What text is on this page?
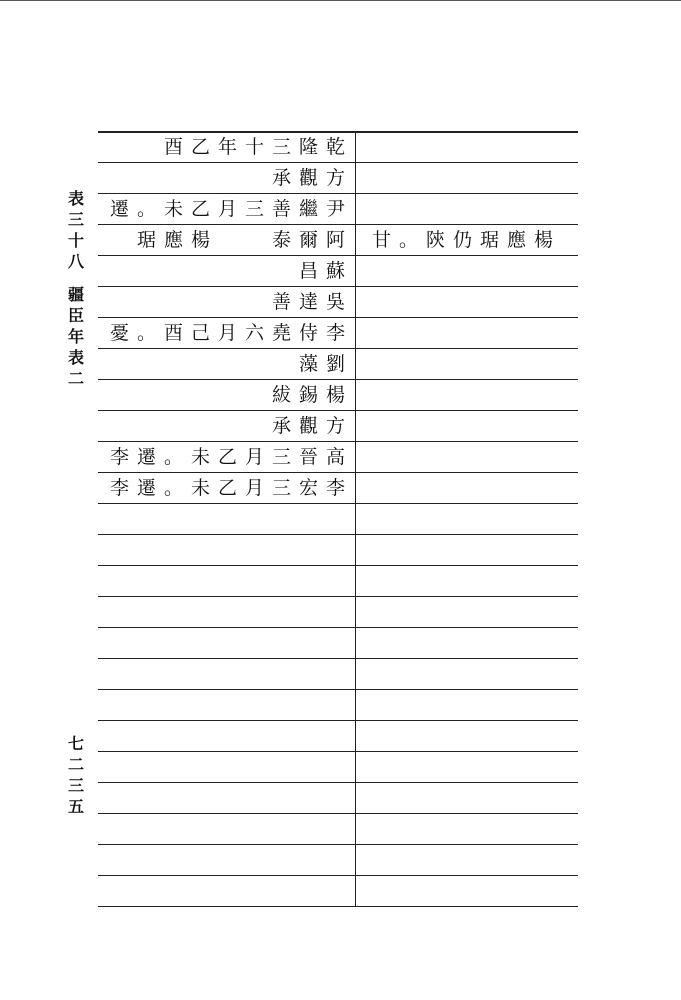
表
三
十
八
疆
臣
年
表
二
七
二
三
五
酉乙年十三隆乾
承觀方
遷。未乙月三善繼尹
琚應楊　　泰爾阿 甘。陝仍琚應楊
昌蘇
善達吳
憂。酉己月六堯侍李
藻劉
紱錫楊
承觀方
李遷。未乙月三晉高
李遷。未乙月三宏李
